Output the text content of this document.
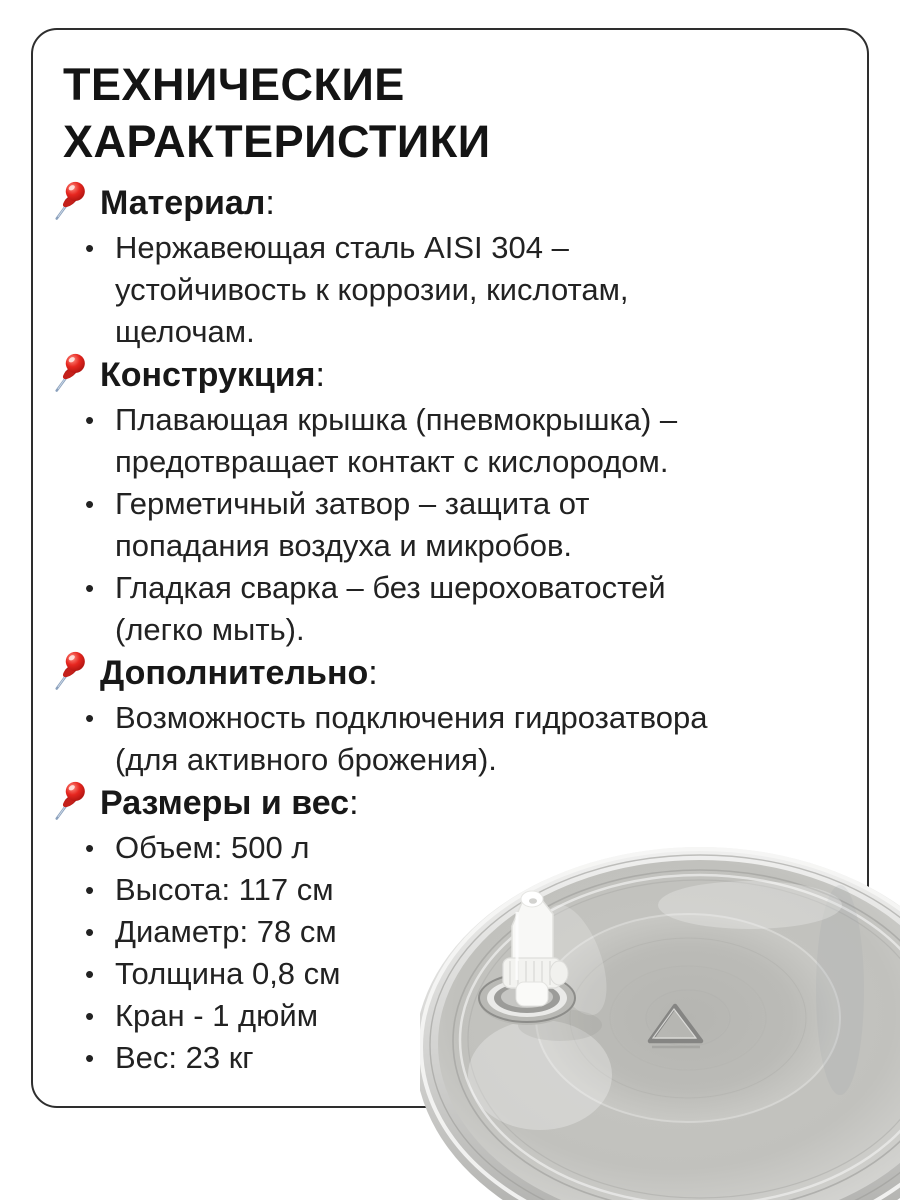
ТЕХНИЧЕСКИЕ
ХАРАКТЕРИСТИКИ
Материал:
• Нержавеющая сталь AISI 304 – устойчивость к коррозии, кислотам, щелочам.
Конструкция:
• Плавающая крышка (пневмокрышка) – предотвращает контакт с кислородом.
• Герметичный затвор – защита от попадания воздуха и микробов.
• Гладкая сварка – без шероховатостей (легко мыть).
Дополнительно:
• Возможность подключения гидрозатвора (для активного брожения).
Размеры и вес:
• Объем: 500 л
• Высота: 117 см
• Диаметр: 78 см
• Толщина 0,8 см
• Кран - 1 дюйм
• Вес: 23 кг
